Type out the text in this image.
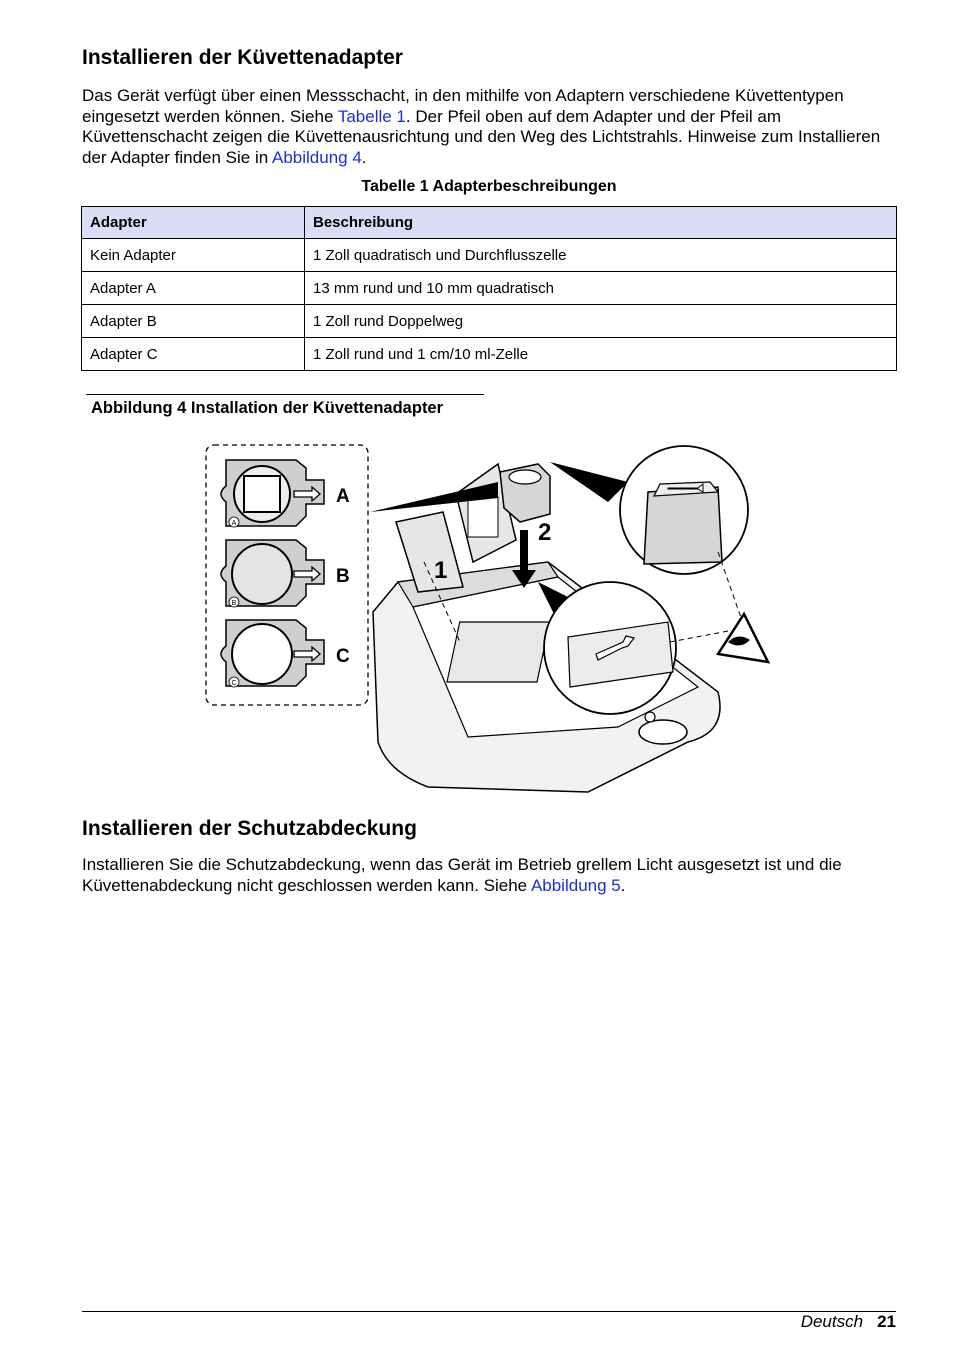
Installieren der Küvettenadapter

Das Gerät verfügt über einen Messschacht, in den mithilfe von Adaptern verschiedene Küvettentypen eingesetzt werden können. Siehe Tabelle 1. Der Pfeil oben auf dem Adapter und der Pfeil am Küvettenschacht zeigen die Küvettenausrichtung und den Weg des Lichtstrahls. Hinweise zum Installieren der Adapter finden Sie in Abbildung 4.

Tabelle 1 Adapterbeschreibungen
Adapter	Beschreibung
Kein Adapter	1 Zoll quadratisch und Durchflusszelle
Adapter A	13 mm rund und 10 mm quadratisch
Adapter B	1 Zoll rund Doppelweg
Adapter C	1 Zoll rund und 1 cm/10 ml-Zelle
Abbildung 4 Installation der Küvettenadapter
A
A
B
B
C
C
2
1
Installieren der Schutzabdeckung

Installieren Sie die Schutzabdeckung, wenn das Gerät im Betrieb grellem Licht ausgesetzt ist und die Küvettenabdeckung nicht geschlossen werden kann. Siehe Abbildung 5.

Deutsch 21
